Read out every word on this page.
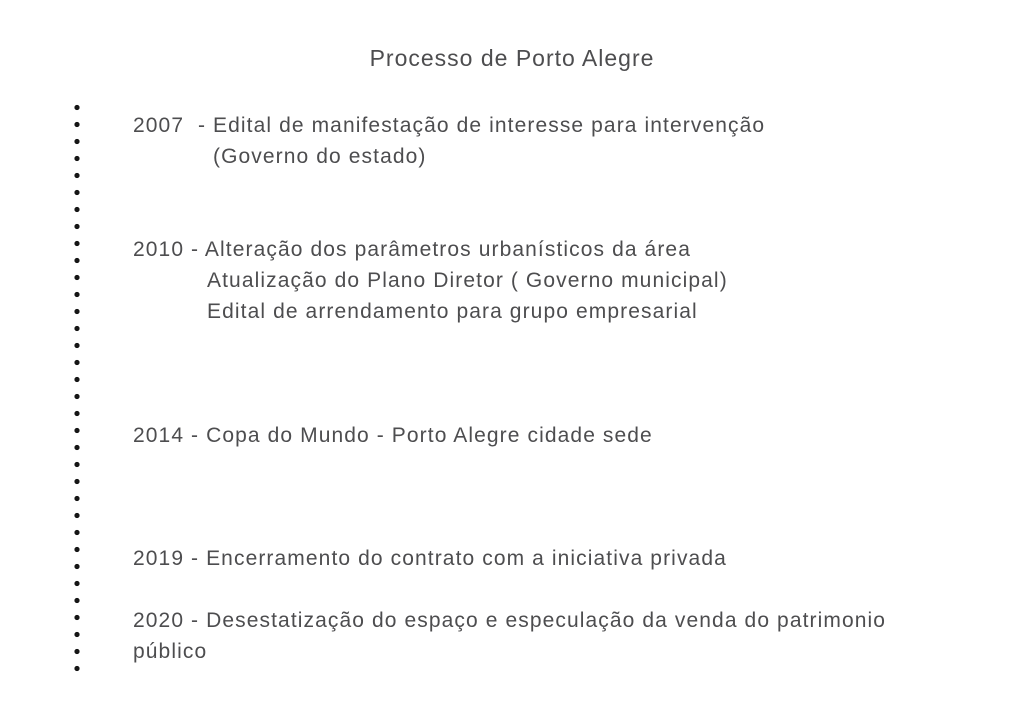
Processo de Porto Alegre
2007  - Edital de manifestação de interesse para intervenção
(Governo do estado)
2010 - Alteração dos parâmetros urbanísticos da área
Atualização do Plano Diretor ( Governo municipal)
Edital de arrendamento para grupo empresarial
2014 - Copa do Mundo - Porto Alegre cidade sede
2019 - Encerramento do contrato com a iniciativa privada
2020 - Desestatização do espaço e especulação da venda do patrimonio
público
